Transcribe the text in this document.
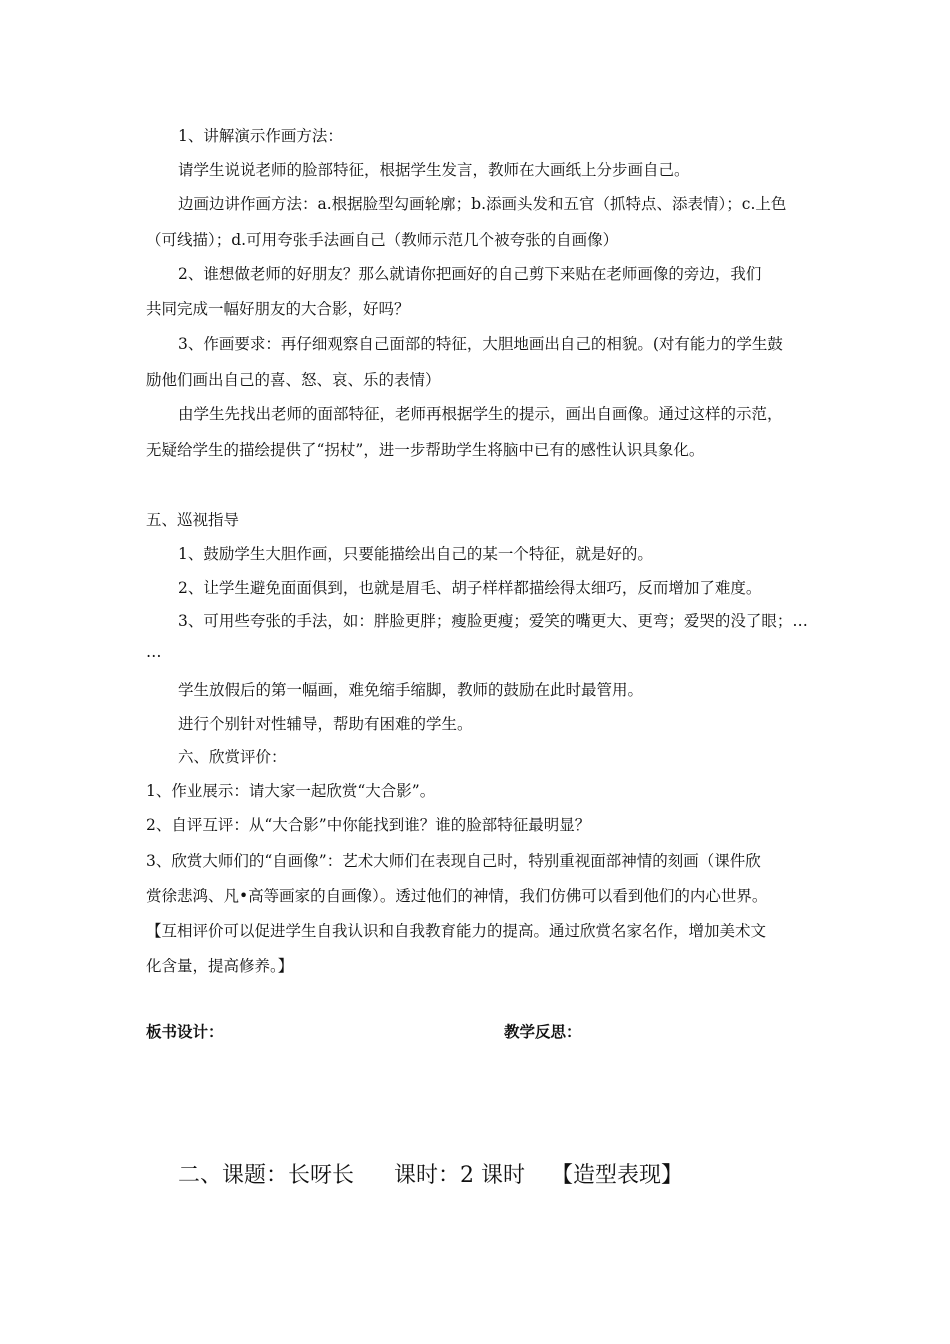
1、讲解演示作画方法：
请学生说说老师的脸部特征，根据学生发言，教师在大画纸上分步画自己。
边画边讲作画方法：a.根据脸型勾画轮廓；b.添画头发和五官（抓特点、添表情）；c.上色
（可线描）；d.可用夸张手法画自己（教师示范几个被夸张的自画像）
2、谁想做老师的好朋友？那么就请你把画好的自己剪下来贴在老师画像的旁边，我们
共同完成一幅好朋友的大合影，好吗？
3、作画要求：再仔细观察自己面部的特征，大胆地画出自己的相貌。(对有能力的学生鼓
励他们画出自己的喜、怒、哀、乐的表情）
由学生先找出老师的面部特征，老师再根据学生的提示，画出自画像。通过这样的示范，
无疑给学生的描绘提供了“拐杖”，进一步帮助学生将脑中已有的感性认识具象化。
五、巡视指导
1、鼓励学生大胆作画，只要能描绘出自己的某一个特征，就是好的。
2、让学生避免面面俱到，也就是眉毛、胡子样样都描绘得太细巧，反而增加了难度。
3、可用些夸张的手法，如：胖脸更胖；瘦脸更瘦；爱笑的嘴更大、更弯；爱哭的没了眼；…
…
学生放假后的第一幅画，难免缩手缩脚，教师的鼓励在此时最管用。
进行个别针对性辅导，帮助有困难的学生。
六、欣赏评价：
1、作业展示：请大家一起欣赏“大合影”。
2、自评互评：从“大合影”中你能找到谁？谁的脸部特征最明显？
3、欣赏大师们的“自画像”：艺术大师们在表现自己时，特别重视面部神情的刻画（课件欣
赏徐悲鸿、凡•高等画家的自画像）。透过他们的神情，我们仿佛可以看到他们的内心世界。
【互相评价可以促进学生自我认识和自我教育能力的提高。通过欣赏名家名作，增加美术文
化含量，提高修养。】
板书设计：	教学反思：
二、课题：长呀长 课时：2 课时 【造型表现】
